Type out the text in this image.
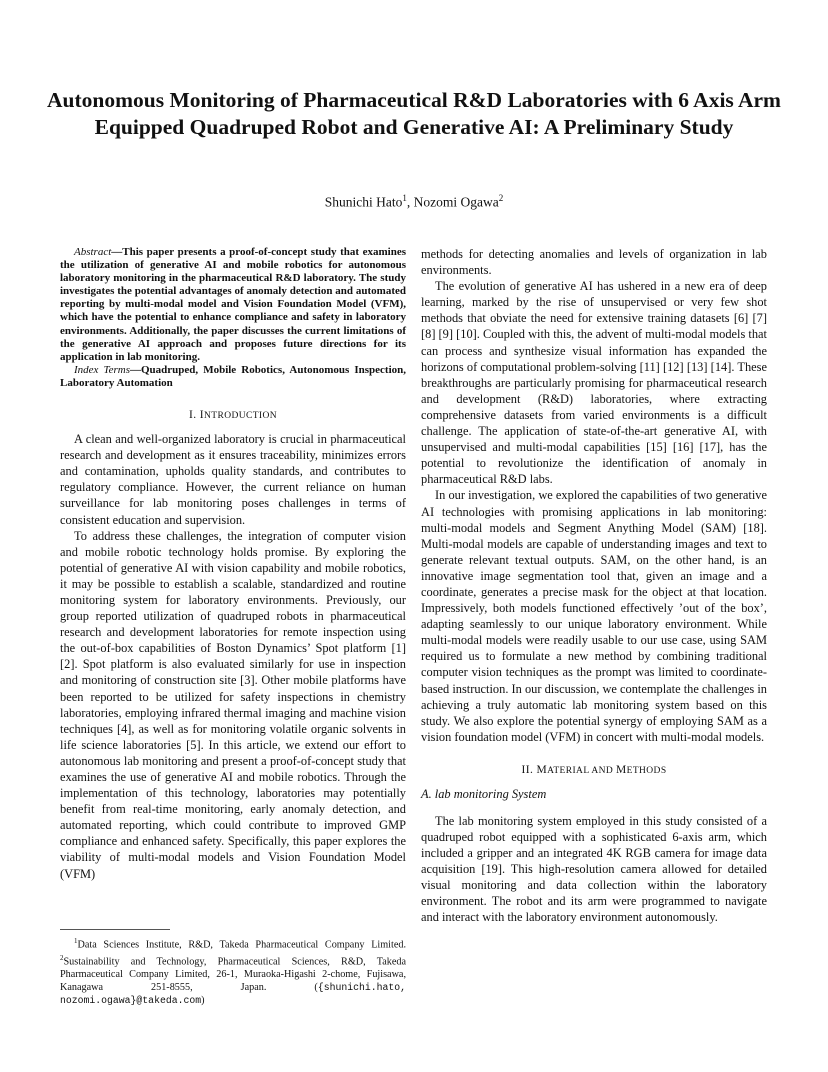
Autonomous Monitoring of Pharmaceutical R&D Laboratories with 6 Axis Arm Equipped Quadruped Robot and Generative AI: A Preliminary Study
Shunichi Hato$^1$, Nozomi Ogawa$^2$

Abstract—This paper presents a proof-of-concept study that examines the utilization of generative AI and mobile robotics for autonomous laboratory monitoring in the pharmaceutical R&D laboratory. The study investigates the potential advantages of anomaly detection and automated reporting by multi-modal model and Vision Foundation Model (VFM), which have the potential to enhance compliance and safety in laboratory environments. Additionally, the paper discusses the current limitations of the generative AI approach and proposes future directions for its application in lab monitoring.

Index Terms—Quadruped, Mobile Robotics, Autonomous Inspection, Laboratory Automation

I. INTRODUCTION

A clean and well-organized laboratory is crucial in pharmaceutical research and development as it ensures traceability, minimizes errors and contamination, upholds quality standards, and contributes to regulatory compliance. However, the current reliance on human surveillance for lab monitoring poses challenges in terms of consistent education and supervision.

To address these challenges, the integration of computer vision and mobile robotic technology holds promise. By exploring the potential of generative AI with vision capability and mobile robotics, it may be possible to establish a scalable, standardized and routine monitoring system for laboratory environments. Previously, our group reported utilization of quadruped robots in pharmaceutical research and development laboratories for remote inspection using the out-of-box capabilities of Boston Dynamics’ Spot platform [1] [2]. Spot platform is also evaluated similarly for use in inspection and monitoring of construction site [3]. Other mobile platforms have been reported to be utilized for safety inspections in chemistry laboratories, employing infrared thermal imaging and machine vision techniques [4], as well as for monitoring volatile organic solvents in life science laboratories [5]. In this article, we extend our effort to autonomous lab monitoring and present a proof-of-concept study that examines the use of generative AI and mobile robotics. Through the implementation of this technology, laboratories may potentially benefit from real-time monitoring, early anomaly detection, and automated reporting, which could contribute to improved GMP compliance and enhanced safety. Specifically, this paper explores the viability of multi-modal models and Vision Foundation Model (VFM)

$^1$Data Sciences Institute, R&D, Takeda Pharmaceutical Company Limited. $^2$Sustainability and Technology, Pharmaceutical Sciences, R&D, Takeda Pharmaceutical Company Limited, 26-1, Muraoka-Higashi 2-chome, Fujisawa, Kanagawa 251-8555, Japan. ({shunichi.hato, nozomi.ogawa}@takeda.com)

methods for detecting anomalies and levels of organization in lab environments.

The evolution of generative AI has ushered in a new era of deep learning, marked by the rise of unsupervised or very few shot methods that obviate the need for extensive training datasets [6] [7] [8] [9] [10]. Coupled with this, the advent of multi-modal models that can process and synthesize visual information has expanded the horizons of computational problem-solving [11] [12] [13] [14]. These breakthroughs are particularly promising for pharmaceutical research and development (R&D) laboratories, where extracting comprehensive datasets from varied environments is a difficult challenge. The application of state-of-the-art generative AI, with unsupervised and multi-modal capabilities [15] [16] [17], has the potential to revolutionize the identification of anomaly in pharmaceutical R&D labs.

In our investigation, we explored the capabilities of two generative AI technologies with promising applications in lab monitoring: multi-modal models and Segment Anything Model (SAM) [18]. Multi-modal models are capable of understanding images and text to generate relevant textual outputs. SAM, on the other hand, is an innovative image segmentation tool that, given an image and a coordinate, generates a precise mask for the object at that location. Impressively, both models functioned effectively ’out of the box’, adapting seamlessly to our unique laboratory environment. While multi-modal models were readily usable to our use case, using SAM required us to formulate a new method by combining traditional computer vision techniques as the prompt was limited to coordinate-based instruction. In our discussion, we contemplate the challenges in achieving a truly automatic lab monitoring system based on this study. We also explore the potential synergy of employing SAM as a vision foundation model (VFM) in concert with multi-modal models.

II. MATERIAL AND METHODS
A. lab monitoring System

The lab monitoring system employed in this study consisted of a quadruped robot equipped with a sophisticated 6-axis arm, which included a gripper and an integrated 4K RGB camera for image data acquisition [19]. This high-resolution camera allowed for detailed visual monitoring and data collection within the laboratory environment. The robot and its arm were programmed to navigate and interact with the laboratory environment autonomously.
